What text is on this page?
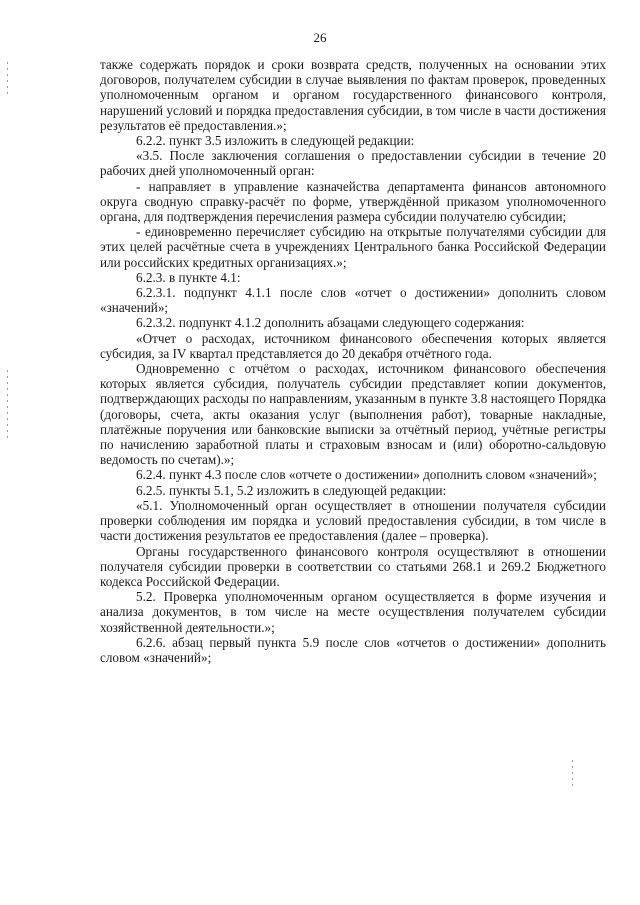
26

также содержать порядок и сроки возврата средств, полученных на основании этих договоров, получателем субсидии в случае выявления по фактам проверок, проведенных уполномоченным органом и органом государственного финансового контроля, нарушений условий и порядка предоставления субсидии, в том числе в части достижения результатов её предоставления.»;

6.2.2. пункт 3.5 изложить в следующей редакции:

«3.5. После заключения соглашения о предоставлении субсидии в течение 20 рабочих дней уполномоченный орган:

- направляет в управление казначейства департамента финансов автономного округа сводную справку-расчёт по форме, утверждённой приказом уполномоченного органа, для подтверждения перечисления размера субсидии получателю субсидии;

- единовременно перечисляет субсидию на открытые получателями субсидии для этих целей расчётные счета в учреждениях Центрального банка Российской Федерации или российских кредитных организациях.»;

6.2.3. в пункте 4.1:

6.2.3.1. подпункт 4.1.1 после слов «отчет о достижении» дополнить словом «значений»;

6.2.3.2. подпункт 4.1.2 дополнить абзацами следующего содержания:

«Отчет о расходах, источником финансового обеспечения которых является субсидия, за IV квартал представляется до 20 декабря отчётного года.

Одновременно с отчётом о расходах, источником финансового обеспечения которых является субсидия, получатель субсидии представляет копии документов, подтверждающих расходы по направлениям, указанным в пункте 3.8 настоящего Порядка (договоры, счета, акты оказания услуг (выполнения работ), товарные накладные, платёжные поручения или банковские выписки за отчётный период, учётные регистры по начислению заработной платы и страховым взносам и (или) оборотно-сальдовую ведомость по счетам).»;

6.2.4. пункт 4.3 после слов «отчете о достижении» дополнить словом «значений»;

6.2.5. пункты 5.1, 5.2 изложить в следующей редакции:

«5.1. Уполномоченный орган осуществляет в отношении получателя субсидии проверки соблюдения им порядка и условий предоставления субсидии, в том числе в части достижения результатов ее предоставления (далее – проверка).

Органы государственного финансового контроля осуществляют в отношении получателя субсидии проверки в соответствии со статьями 268.1 и 269.2 Бюджетного кодекса Российской Федерации.

5.2. Проверка уполномоченным органом осуществляется в форме изучения и анализа документов, в том числе на месте осуществления получателем субсидии хозяйственной деятельности.»;

6.2.6. абзац первый пункта 5.9 после слов «отчетов о достижении» дополнить словом «значений»;
